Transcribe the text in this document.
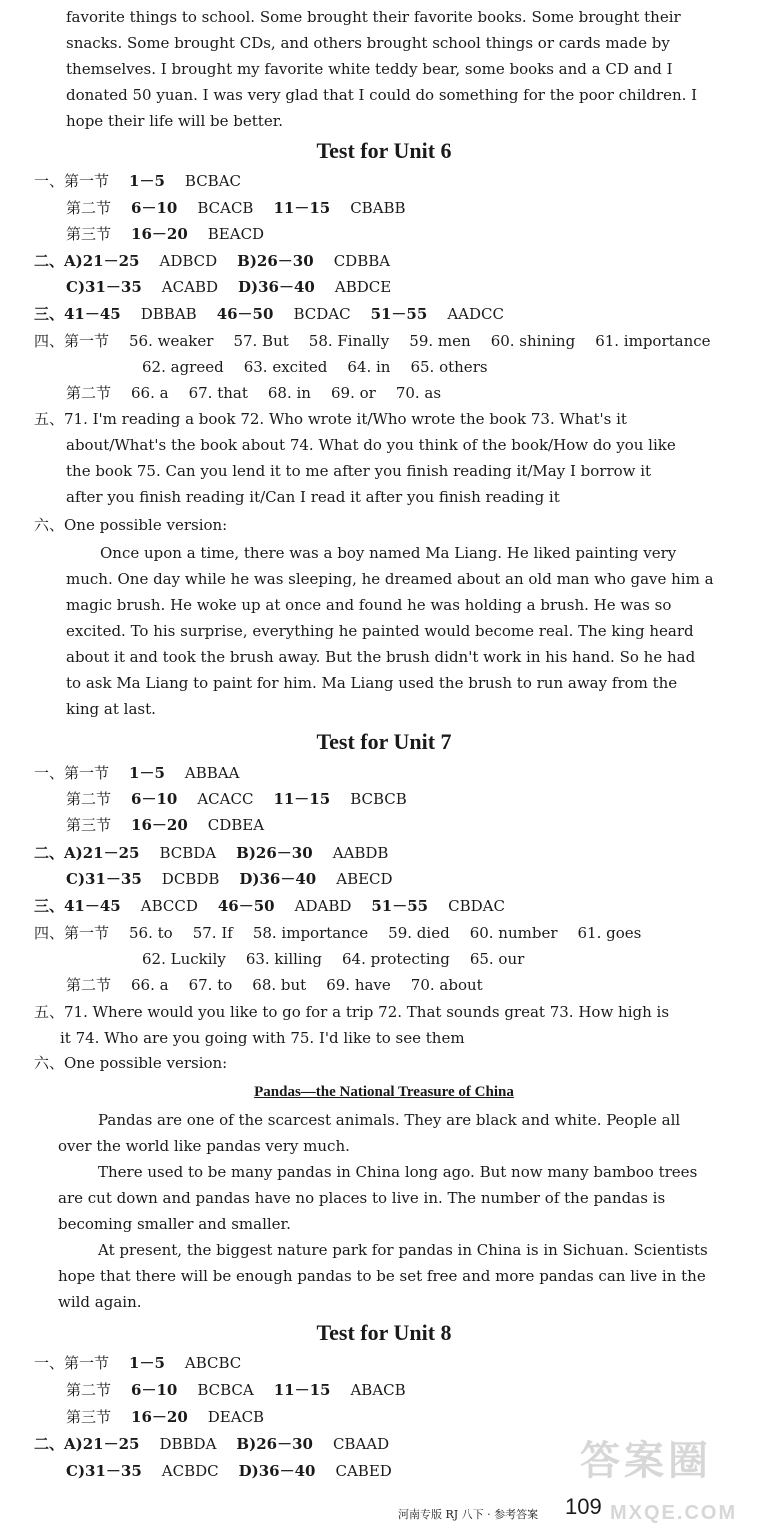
favorite things to school. Some brought their favorite books. Some brought their
snacks. Some brought CDs, and others brought school things or cards made by
themselves. I brought my favorite white teddy bear, some books and a CD and I
donated 50 yuan. I was very glad that I could do something for the poor children. I
hope their life will be better.
Test for Unit 6
一、第一节 1－5 BCBAC
第二节 6－10 BCACB 11－15 CBABB
第三节 16－20 BEACD
二、A)21－25 ADBCD B)26－30 CDBBA
C)31－35 ACABD D)36－40 ABDCE
三、41－45 DBBAB 46－50 BCDAC 51－55 AADCC
四、第一节 56. weaker 57. But 58. Finally 59. men 60. shining 61. importance
62. agreed 63. excited 64. in 65. others
第二节 66. a 67. that 68. in 69. or 70. as
五、71. I'm reading a book 72. Who wrote it/Who wrote the book 73. What's it
about/What's the book about 74. What do you think of the book/How do you like
the book 75. Can you lend it to me after you finish reading it/May I borrow it
after you finish reading it/Can I read it after you finish reading it
六、One possible version:
Once upon a time, there was a boy named Ma Liang. He liked painting very
much. One day while he was sleeping, he dreamed about an old man who gave him a
magic brush. He woke up at once and found he was holding a brush. He was so
excited. To his surprise, everything he painted would become real. The king heard
about it and took the brush away. But the brush didn't work in his hand. So he had
to ask Ma Liang to paint for him. Ma Liang used the brush to run away from the
king at last.
Test for Unit 7
一、第一节 1－5 ABBAA
第二节 6－10 ACACC 11－15 BCBCB
第三节 16－20 CDBEA
二、A)21－25 BCBDA B)26－30 AABDB
C)31－35 DCBDB D)36－40 ABECD
三、41－45 ABCCD 46－50 ADABD 51－55 CBDAC
四、第一节 56. to 57. If 58. importance 59. died 60. number 61. goes
62. Luckily 63. killing 64. protecting 65. our
第二节 66. a 67. to 68. but 69. have 70. about
五、71. Where would you like to go for a trip 72. That sounds great 73. How high is
it 74. Who are you going with 75. I'd like to see them
六、One possible version:
Pandas—the National Treasure of China
Pandas are one of the scarcest animals. They are black and white. People all
over the world like pandas very much.
There used to be many pandas in China long ago. But now many bamboo trees
are cut down and pandas have no places to live in. The number of the pandas is
becoming smaller and smaller.
At present, the biggest nature park for pandas in China is in Sichuan. Scientists
hope that there will be enough pandas to be set free and more pandas can live in the
wild again.
Test for Unit 8
一、第一节 1－5 ABCBC
第二节 6－10 BCBCA 11－15 ABACB
第三节 16－20 DEACB
二、A)21－25 DBBDA B)26－30 CBAAD
C)31－35 ACBDC D)36－40 CABED
河南专版 RJ 八下 · 参考答案 109
答案圈
MXQE.COM
